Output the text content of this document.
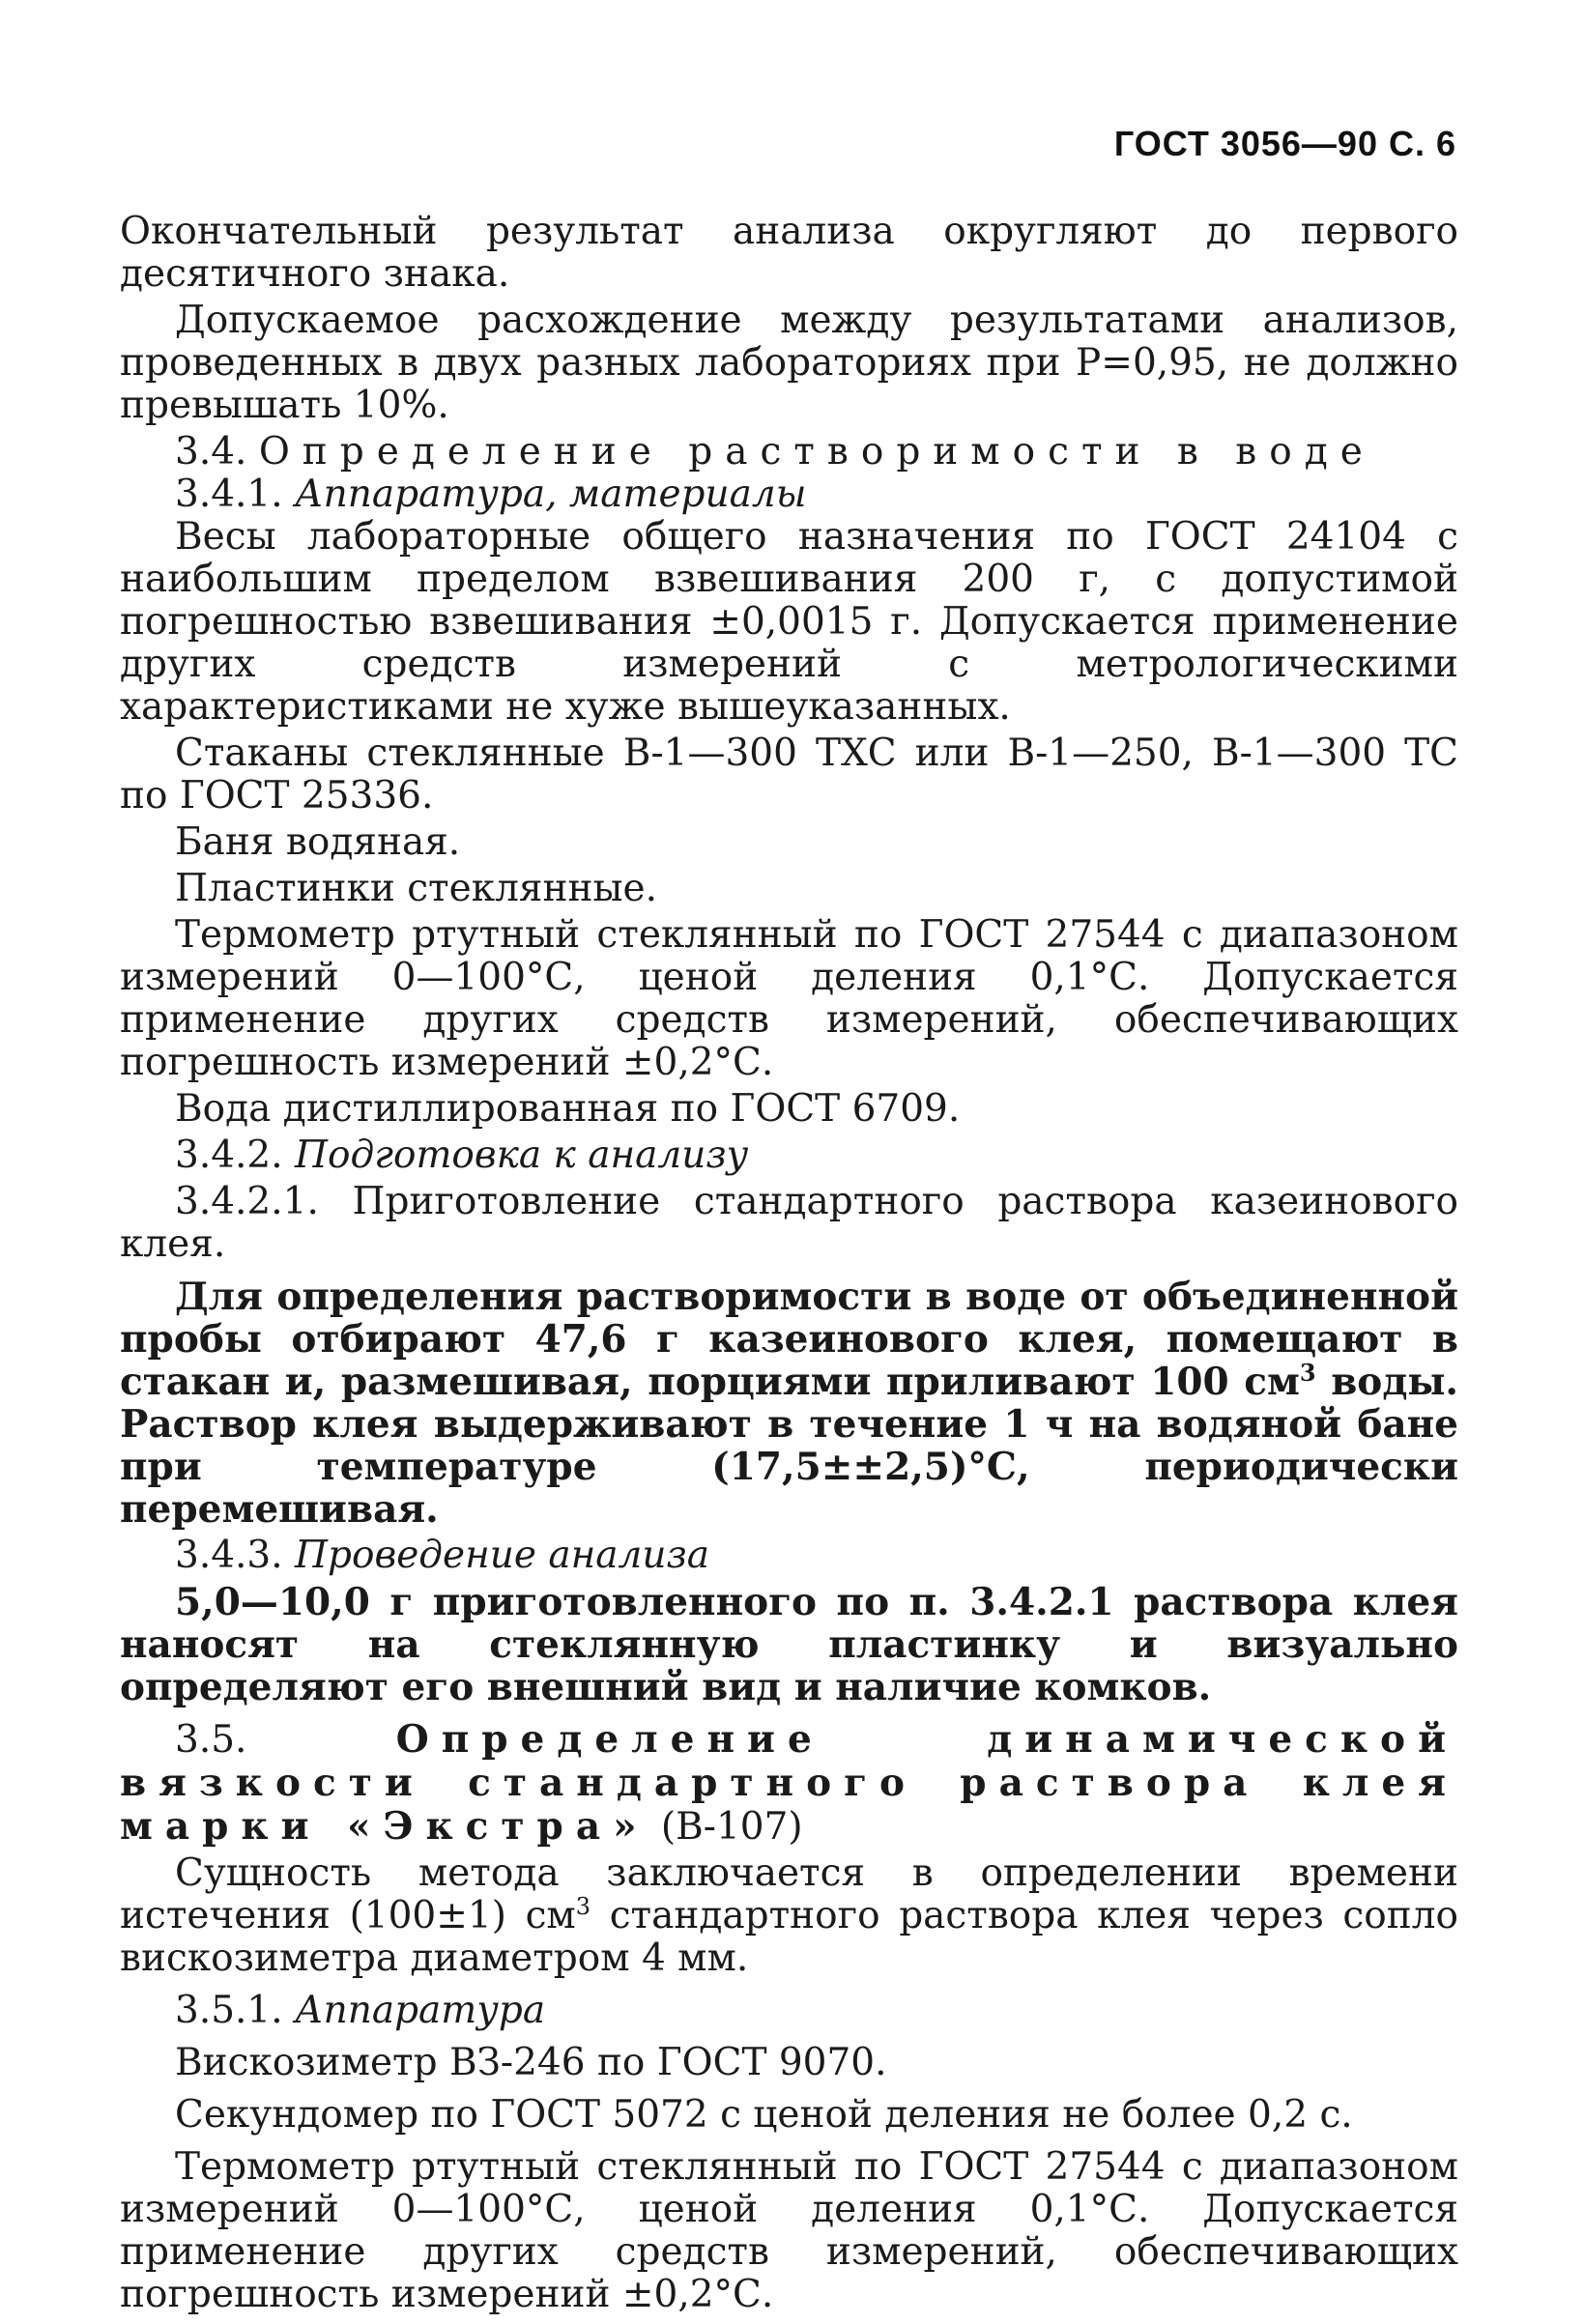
ГОСТ 3056—90 С. 6

Окончательный результат анализа округляют до первого десятичного знака.

Допускаемое расхождение между результатами анализов, проведенных в двух разных лабораториях при P=0,95, не должно превышать 10%.

3.4. Определение растворимости в воде

3.4.1. Аппаратура, материалы

Весы лабораторные общего назначения по ГОСТ 24104 с наибольшим пределом взвешивания 200 г, с допустимой погрешностью взвешивания ±0,0015 г. Допускается применение других средств измерений с метрологическими характеристиками не хуже вышеуказанных.

Стаканы стеклянные В-1—300 ТХС или В-1—250, В-1—300 ТС по ГОСТ 25336.

Баня водяная.

Пластинки стеклянные.

Термометр ртутный стеклянный по ГОСТ 27544 с диапазоном измерений 0—100°С, ценой деления 0,1°С. Допускается применение других средств измерений, обеспечивающих погрешность измерений ±0,2°С.

Вода дистиллированная по ГОСТ 6709.

3.4.2. Подготовка к анализу

3.4.2.1. Приготовление стандартного раствора казеинового клея.

Для определения растворимости в воде от объединенной пробы отбирают 47,6 г казеинового клея, помещают в стакан и, размешивая, порциями приливают 100 $см^3$ воды. Раствор клея выдерживают в течение 1 ч на водяной бане при температуре (17,5±±2,5)°С, периодически перемешивая.

3.4.3. Проведение анализа

5,0—10,0 г приготовленного по п. 3.4.2.1 раствора клея наносят на стеклянную пластинку и визуально определяют его внешний вид и наличие комков.

3.5.	Определение динамической вязкости стандартного раствора клея марки «Экстра» (В-107)

Сущность метода заключается в определении времени истечения (100±1) $см^3$ стандартного раствора клея через сопло вискозиметра диаметром 4 мм.

3.5.1. Аппаратура

Вискозиметр ВЗ-246 по ГОСТ 9070.

Секундомер по ГОСТ 5072 с ценой деления не более 0,2 с.

Термометр ртутный стеклянный по ГОСТ 27544 с диапазоном измерений 0—100°С, ценой деления 0,1°С. Допускается применение других средств измерений, обеспечивающих погрешность измерений ±0,2°С.
